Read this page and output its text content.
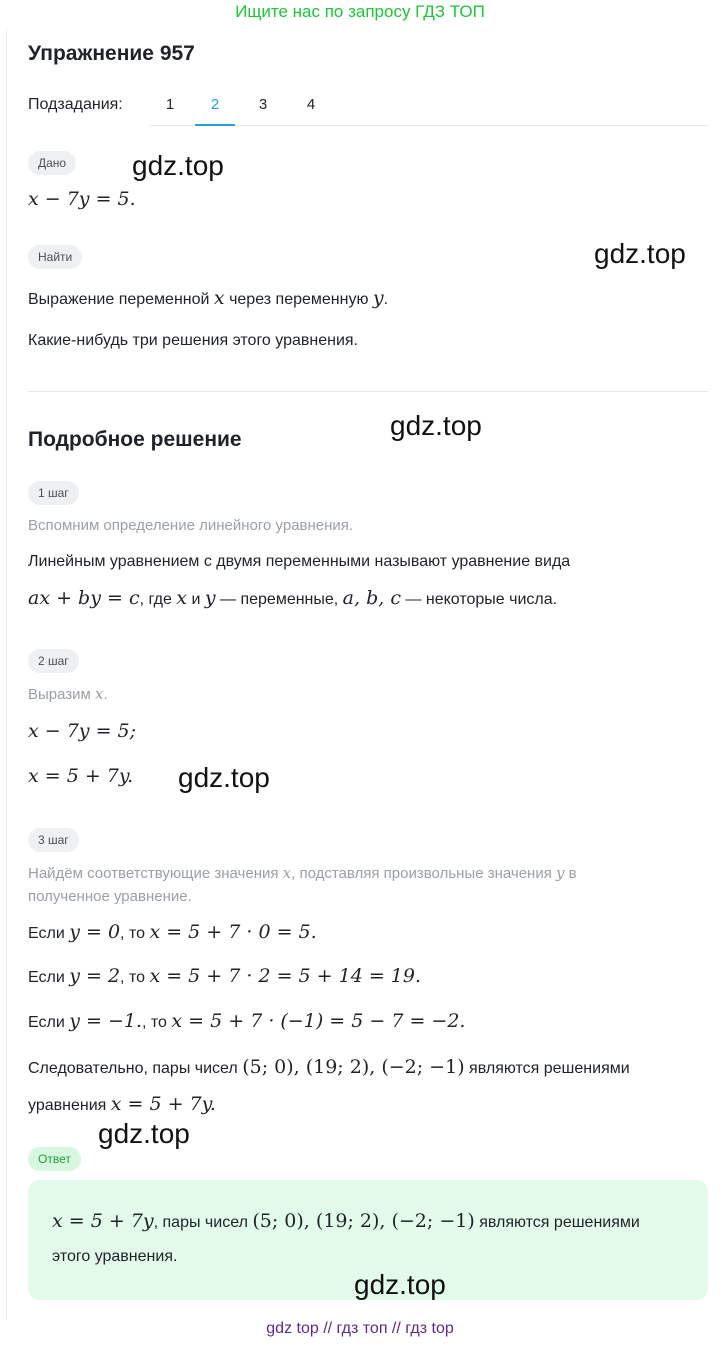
Ищите нас по запросу ГДЗ ТОП
Упражнение 957
Подзадания:	1	2	3	4
Дано
x − 7y = 5.
Найти
Выражение переменной x через переменную y.
Какие-нибудь три решения этого уравнения.
Подробное решение
1 шаг
Вспомним определение линейного уравнения.
Линейным уравнением с двумя переменными называют уравнение вида
ax + by = c, где x и y — переменные, a, b, c — некоторые числа.
2 шаг
Выразим x.
x − 7y = 5;
x = 5 + 7y.
3 шаг
Найдём соответствующие значения x, подставляя произвольные значения y в
полученное уравнение.
Если y = 0, то x = 5 + 7 · 0 = 5.
Если y = 2, то x = 5 + 7 · 2 = 5 + 14 = 19.
Если y = −1., то x = 5 + 7 · (−1) = 5 − 7 = −2.
Следовательно, пары чисел (5; 0), (19; 2), (−2; −1) являются решениями
уравнения x = 5 + 7y.
Ответ
x = 5 + 7y, пары чисел (5; 0), (19; 2), (−2; −1) являются решениями
этого уравнения.
gdz.top
gdz.top
gdz.top
gdz.top
gdz.top
gdz.top
gdz top // гдз топ // гдз top
